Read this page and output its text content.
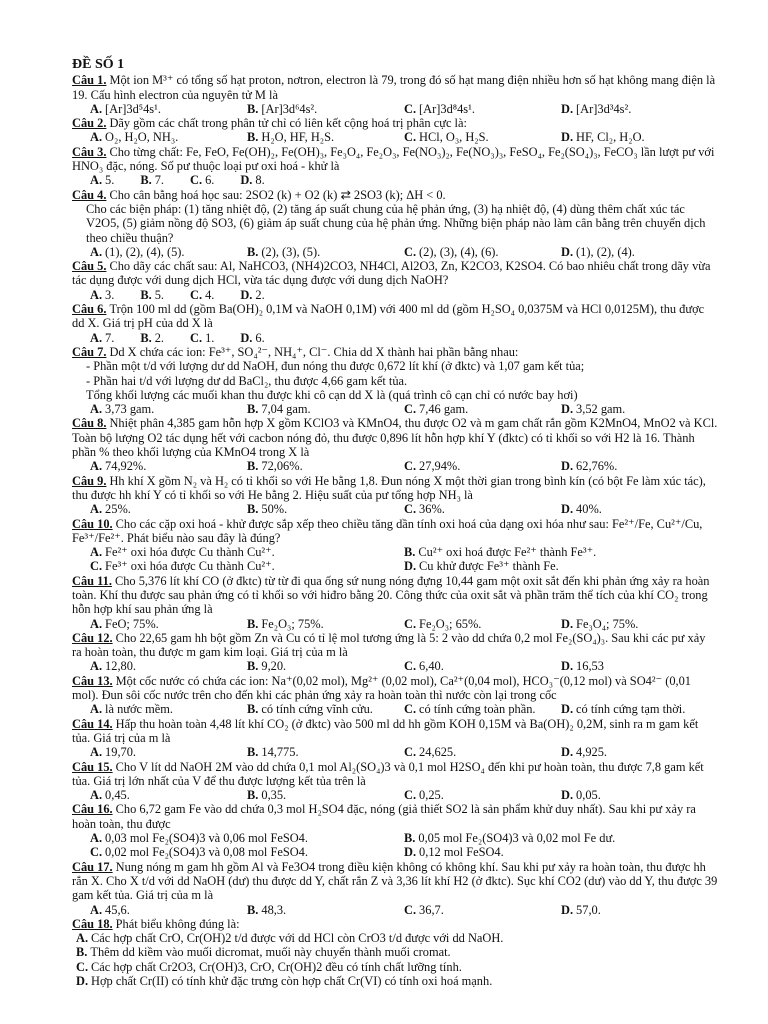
ĐỀ SỐ 1
Câu 1. Một ion M³⁺ có tổng số hạt proton, nơtron, electron là 79, trong đó số hạt mang điện nhiều hơn số hạt không mang điện là 19. Cấu hình electron của nguyên tử M là
A. [Ar]3d⁵4s¹.	B. [Ar]3d⁶4s².	C. [Ar]3d⁸4s¹.	D. [Ar]3d³4s².
Câu 2. Dãy gồm các chất trong phân tử chỉ có liên kết cộng hoá trị phân cực là:
A. O₂, H₂O, NH₃.	B. H₂O, HF, H₂S.	C. HCl, O₃, H₂S.	D. HF, Cl₂, H₂O.
Câu 3. Cho từng chất: Fe, FeO, Fe(OH)₂, Fe(OH)₃, Fe₃O₄, Fe₂O₃, Fe(NO₃)₂, Fe(NO₃)₃, FeSO₄, Fe₂(SO₄)₃, FeCO₃ lần lượt pư với HNO₃ đặc, nóng. Số pư thuộc loại pư oxi hoá - khử là
A. 5.	B. 7.	C. 6.	D. 8.
Câu 4. Cho cân bằng hoá học sau: 2SO2 (k) + O2 (k) ⇄ 2SO3 (k); ΔH < 0.
Cho các biện pháp: (1) tăng nhiệt độ, (2) tăng áp suất chung của hệ phản ứng, (3) hạ nhiệt độ, (4) dùng thêm chất xúc tác V2O5, (5) giảm nồng độ SO3, (6) giảm áp suất chung của hệ phản ứng. Những biện pháp nào làm cân bằng trên chuyển dịch theo chiều thuận?
A. (1), (2), (4), (5).	B. (2), (3), (5).	C. (2), (3), (4), (6).	D. (1), (2), (4).
Câu 5. Cho dãy các chất sau: Al, NaHCO3, (NH4)2CO3, NH4Cl, Al2O3, Zn, K2CO3, K2SO4. Có bao nhiêu chất trong dãy vừa tác dụng được với dung dịch HCl, vừa tác dụng được với dung dịch NaOH?
A. 3.	B. 5.	C. 4.	D. 2.
Câu 6. Trộn 100 ml dd (gồm Ba(OH)₂ 0,1M và NaOH 0,1M) với 400 ml dd (gồm H₂SO₄ 0,0375M và HCl 0,0125M), thu được dd X. Giá trị pH của dd X là
A. 7.	B. 2.	C. 1.	D. 6.
Câu 7. Dd X chứa các ion: Fe³⁺, SO₄²⁻, NH₄⁺, Cl⁻. Chia dd X thành hai phần bằng nhau:
- Phần một t/d với lượng dư dd NaOH, đun nóng thu được 0,672 lít khí (ở đktc) và 1,07 gam kết tủa;
- Phần hai t/d với lượng dư dd BaCl₂, thu được 4,66 gam kết tủa.
Tổng khối lượng các muối khan thu được khi cô cạn dd X là (quá trình cô cạn chỉ có nước bay hơi)
A. 3,73 gam.	B. 7,04 gam.	C. 7,46 gam.	D. 3,52 gam.
Câu 8. Nhiệt phân 4,385 gam hỗn hợp X gồm KClO3 và KMnO4, thu được O2 và m gam chất rắn gồm K2MnO4, MnO2 và KCl. Toàn bộ lượng O2 tác dụng hết với cacbon nóng đỏ, thu được 0,896 lít hỗn hợp khí Y (đktc) có tỉ khối so với H2 là 16. Thành phần % theo khối lượng của KMnO4 trong X là
A. 74,92%.	B. 72,06%.	C. 27,94%.	D. 62,76%.
Câu 9. Hh khí X gồm N₂ và H₂ có tỉ khối so với He bằng 1,8. Đun nóng X một thời gian trong bình kín (có bột Fe làm xúc tác), thu được hh khí Y có tỉ khối so với He bằng 2. Hiệu suất của pư tổng hợp NH₃ là
A. 25%.	B. 50%.	C. 36%.	D. 40%.
Câu 10. Cho các cặp oxi hoá - khử được sắp xếp theo chiều tăng dần tính oxi hoá của dạng oxi hóa như sau: Fe²⁺/Fe, Cu²⁺/Cu, Fe³⁺/Fe²⁺. Phát biểu nào sau đây là đúng?
A. Fe²⁺ oxi hóa được Cu thành Cu²⁺.	B. Cu²⁺ oxi hoá được Fe²⁺ thành Fe³⁺.
C. Fe³⁺ oxi hóa được Cu thành Cu²⁺.	D. Cu khử được Fe³⁺ thành Fe.
Câu 11. Cho 5,376 lít khí CO (ở đktc) từ từ đi qua ống sứ nung nóng đựng 10,44 gam một oxit sắt đến khi phản ứng xảy ra hoàn toàn. Khí thu được sau phản ứng có tỉ khối so với hiđro bằng 20. Công thức của oxit sắt và phần trăm thể tích của khí CO₂ trong hỗn hợp khí sau phản ứng là
A. FeO; 75%.	B. Fe₂O₃; 75%.	C. Fe₂O₃; 65%.	D. Fe₃O₄; 75%.
Câu 12. Cho 22,65 gam hh bột gồm Zn và Cu có tỉ lệ mol tương ứng là 5: 2 vào dd chứa 0,2 mol Fe₂(SO₄)₃. Sau khi các pư xảy ra hoàn toàn, thu được m gam kim loại. Giá trị của m là
A. 12,80.	B. 9,20.	C. 6,40.	D. 16,53
Câu 13. Một cốc nước có chứa các ion: Na⁺(0,02 mol), Mg²⁺ (0,02 mol), Ca²⁺(0,04 mol), HCO₃⁻(0,12 mol) và SO4²⁻ (0,01 mol). Đun sôi cốc nước trên cho đến khi các phản ứng xảy ra hoàn toàn thì nước còn lại trong cốc
A. là nước mềm.	B. có tính cứng vĩnh cửu.	C. có tính cứng toàn phần.	D. có tính cứng tạm thời.
Câu 14. Hấp thu hoàn toàn 4,48 lít khí CO₂ (ở đktc) vào 500 ml dd hh gồm KOH 0,15M và Ba(OH)₂ 0,2M, sinh ra m gam kết tủa. Giá trị của m là
A. 19,70.	B. 14,775.	C. 24,625.	D. 4,925.
Câu 15. Cho V lít dd NaOH 2M vào dd chứa 0,1 mol Al₂(SO₄)3 và 0,1 mol H2SO₄ đến khi pư hoàn toàn, thu được 7,8 gam kết tủa. Giá trị lớn nhất của V để thu được lượng kết tủa trên là
A. 0,45.	B. 0,35.	C. 0,25.	D. 0,05.
Câu 16. Cho 6,72 gam Fe vào dd chứa 0,3 mol H₂SO4 đặc, nóng (giả thiết SO2 là sản phẩm khử duy nhất). Sau khi pư xảy ra hoàn toàn, thu được
A. 0,03 mol Fe₂(SO4)3 và 0,06 mol FeSO4.	B. 0,05 mol Fe₂(SO4)3 và 0,02 mol Fe dư.
C. 0,02 mol Fe₂(SO4)3 và 0,08 mol FeSO4.	D. 0,12 mol FeSO4.
Câu 17. Nung nóng m gam hh gồm Al và Fe3O4 trong điều kiện không có không khí. Sau khi pư xảy ra hoàn toàn, thu được hh rắn X. Cho X t/d với dd NaOH (dư) thu được dd Y, chất rắn Z và 3,36 lít khí H2 (ở đktc). Sục khí CO2 (dư) vào dd Y, thu được 39 gam kết tủa. Giá trị của m là
A. 45,6.	B. 48,3.	C. 36,7.	D. 57,0.
Câu 18. Phát biểu không đúng là:
A. Các hợp chất CrO, Cr(OH)2 t/d được với dd HCl còn CrO3 t/d được với dd NaOH.
B. Thêm dd kiềm vào muối dicromat, muối này chuyển thành muối cromat.
C. Các hợp chất Cr2O3, Cr(OH)3, CrO, Cr(OH)2 đều có tính chất lưỡng tính.
D. Hợp chất Cr(II) có tính khử đặc trưng còn hợp chất Cr(VI) có tính oxi hoá mạnh.
